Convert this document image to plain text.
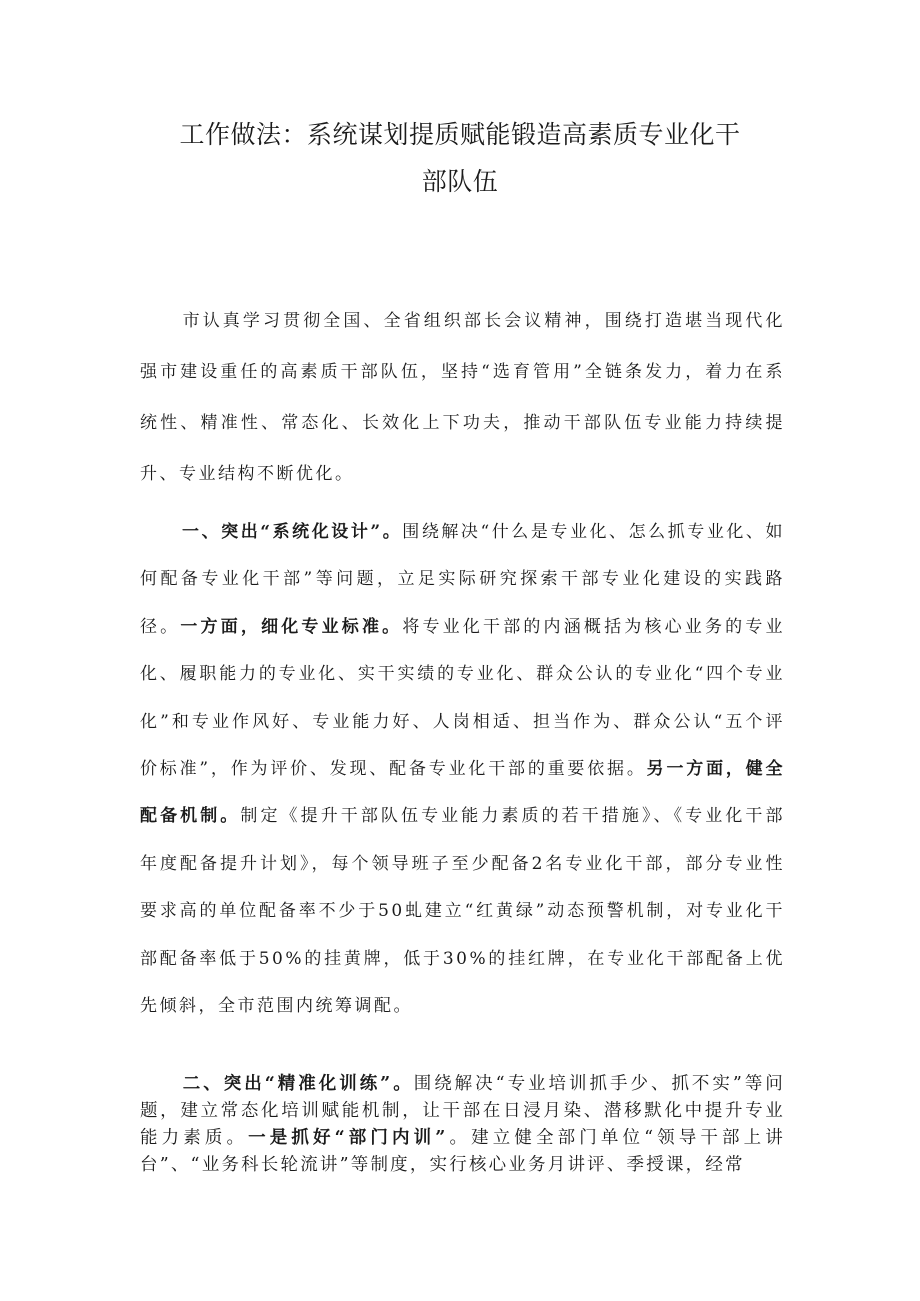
工作做法：系统谋划提质赋能锻造高素质专业化干
部队伍

市认真学习贯彻全国、全省组织部长会议精神，围绕打造堪当现代化强市建设重任的高素质干部队伍，坚持“选育管用”全链条发力，着力在系统性、精准性、常态化、长效化上下功夫，推动干部队伍专业能力持续提升、专业结构不断优化。

一、突出“系统化设计”。围绕解决“什么是专业化、怎么抓专业化、如何配备专业化干部”等问题，立足实际研究探索干部专业化建设的实践路径。一方面，细化专业标准。将专业化干部的内涵概括为核心业务的专业化、履职能力的专业化、实干实绩的专业化、群众公认的专业化“四个专业化”和专业作风好、专业能力好、人岗相适、担当作为、群众公认“五个评价标准”，作为评价、发现、配备专业化干部的重要依据。另一方面，健全配备机制。制定《提升干部队伍专业能力素质的若干措施》、《专业化干部年度配备提升计划》，每个领导班子至少配备2名专业化干部，部分专业性要求高的单位配备率不少于50虬建立“红黄绿”动态预警机制，对专业化干部配备率低于50%的挂黄牌，低于30%的挂红牌，在专业化干部配备上优先倾斜，全市范围内统筹调配。

二、突出“精准化训练”。围绕解决“专业培训抓手少、抓不实”等问题，建立常态化培训赋能机制，让干部在日浸月染、潜移默化中提升专业能力素质。一是抓好“部门内训”。建立健全部门单位“领导干部上讲台”、“业务科长轮流讲”等制度，实行核心业务月讲评、季授课，经常
